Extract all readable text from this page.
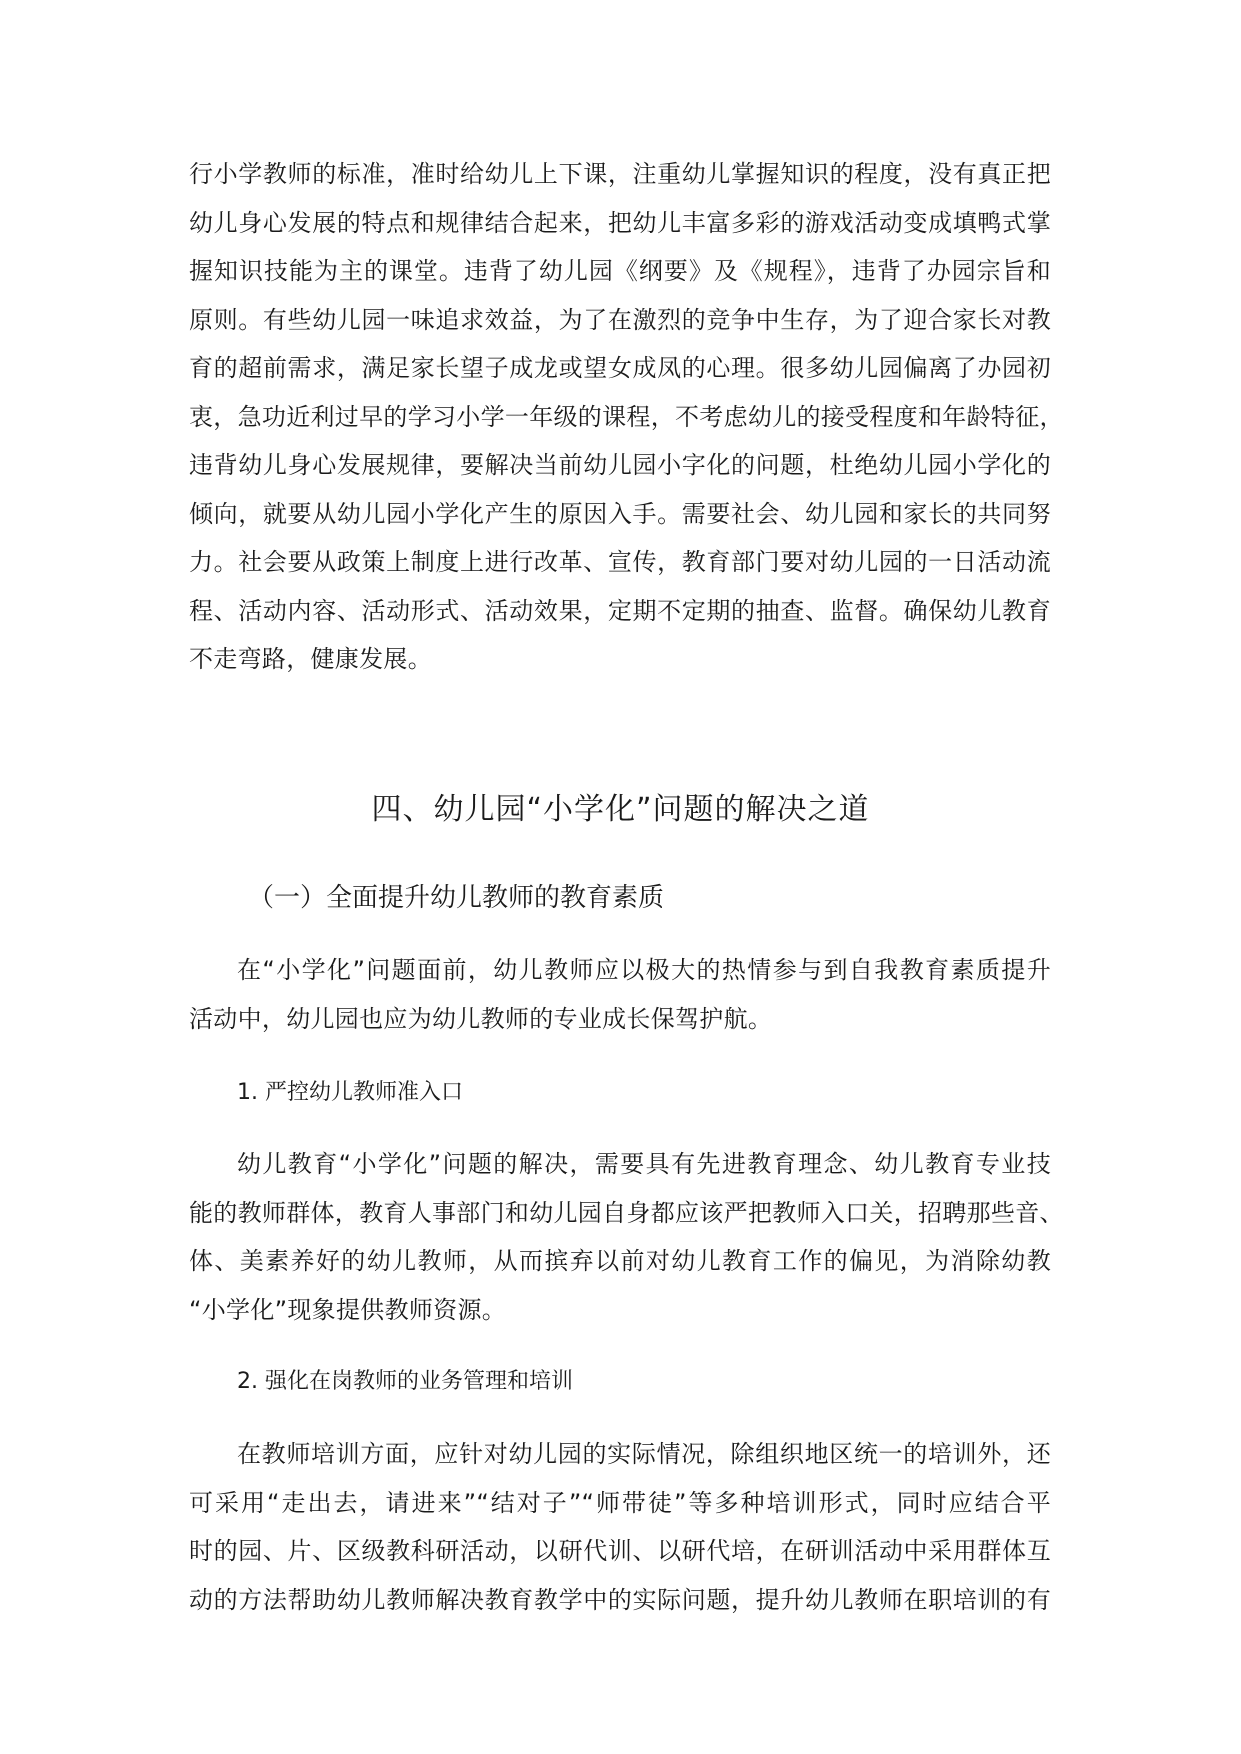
行小学教师的标准，准时给幼儿上下课，注重幼儿掌握知识的程度，没有真正把
幼儿身心发展的特点和规律结合起来，把幼儿丰富多彩的游戏活动变成填鸭式掌
握知识技能为主的课堂。违背了幼儿园《纲要》及《规程》，违背了办园宗旨和
原则。有些幼儿园一味追求效益，为了在激烈的竞争中生存，为了迎合家长对教
育的超前需求，满足家长望子成龙或望女成凤的心理。很多幼儿园偏离了办园初
衷，急功近利过早的学习小学一年级的课程，不考虑幼儿的接受程度和年龄特征，
违背幼儿身心发展规律，要解决当前幼儿园小字化的问题，杜绝幼儿园小学化的
倾向，就要从幼儿园小学化产生的原因入手。需要社会、幼儿园和家长的共同努
力。社会要从政策上制度上进行改革、宣传，教育部门要对幼儿园的一日活动流
程、活动内容、活动形式、活动效果，定期不定期的抽查、监督。确保幼儿教育
不走弯路，健康发展。

四、幼儿园“小学化”问题的解决之道
（一）全面提升幼儿教师的教育素质

在“小学化”问题面前，幼儿教师应以极大的热情参与到自我教育素质提升
活动中，幼儿园也应为幼儿教师的专业成长保驾护航。

1. 严控幼儿教师准入口

幼儿教育“小学化”问题的解决，需要具有先进教育理念、幼儿教育专业技
能的教师群体，教育人事部门和幼儿园自身都应该严把教师入口关，招聘那些音、
体、美素养好的幼儿教师，从而摈弃以前对幼儿教育工作的偏见，为消除幼教
“小学化”现象提供教师资源。

2. 强化在岗教师的业务管理和培训

在教师培训方面，应针对幼儿园的实际情况，除组织地区统一的培训外，还
可采用“走出去，请进来”“结对子”“师带徒”等多种培训形式，同时应结合平
时的园、片、区级教科研活动，以研代训、以研代培，在研训活动中采用群体互
动的方法帮助幼儿教师解决教育教学中的实际问题，提升幼儿教师在职培训的有
